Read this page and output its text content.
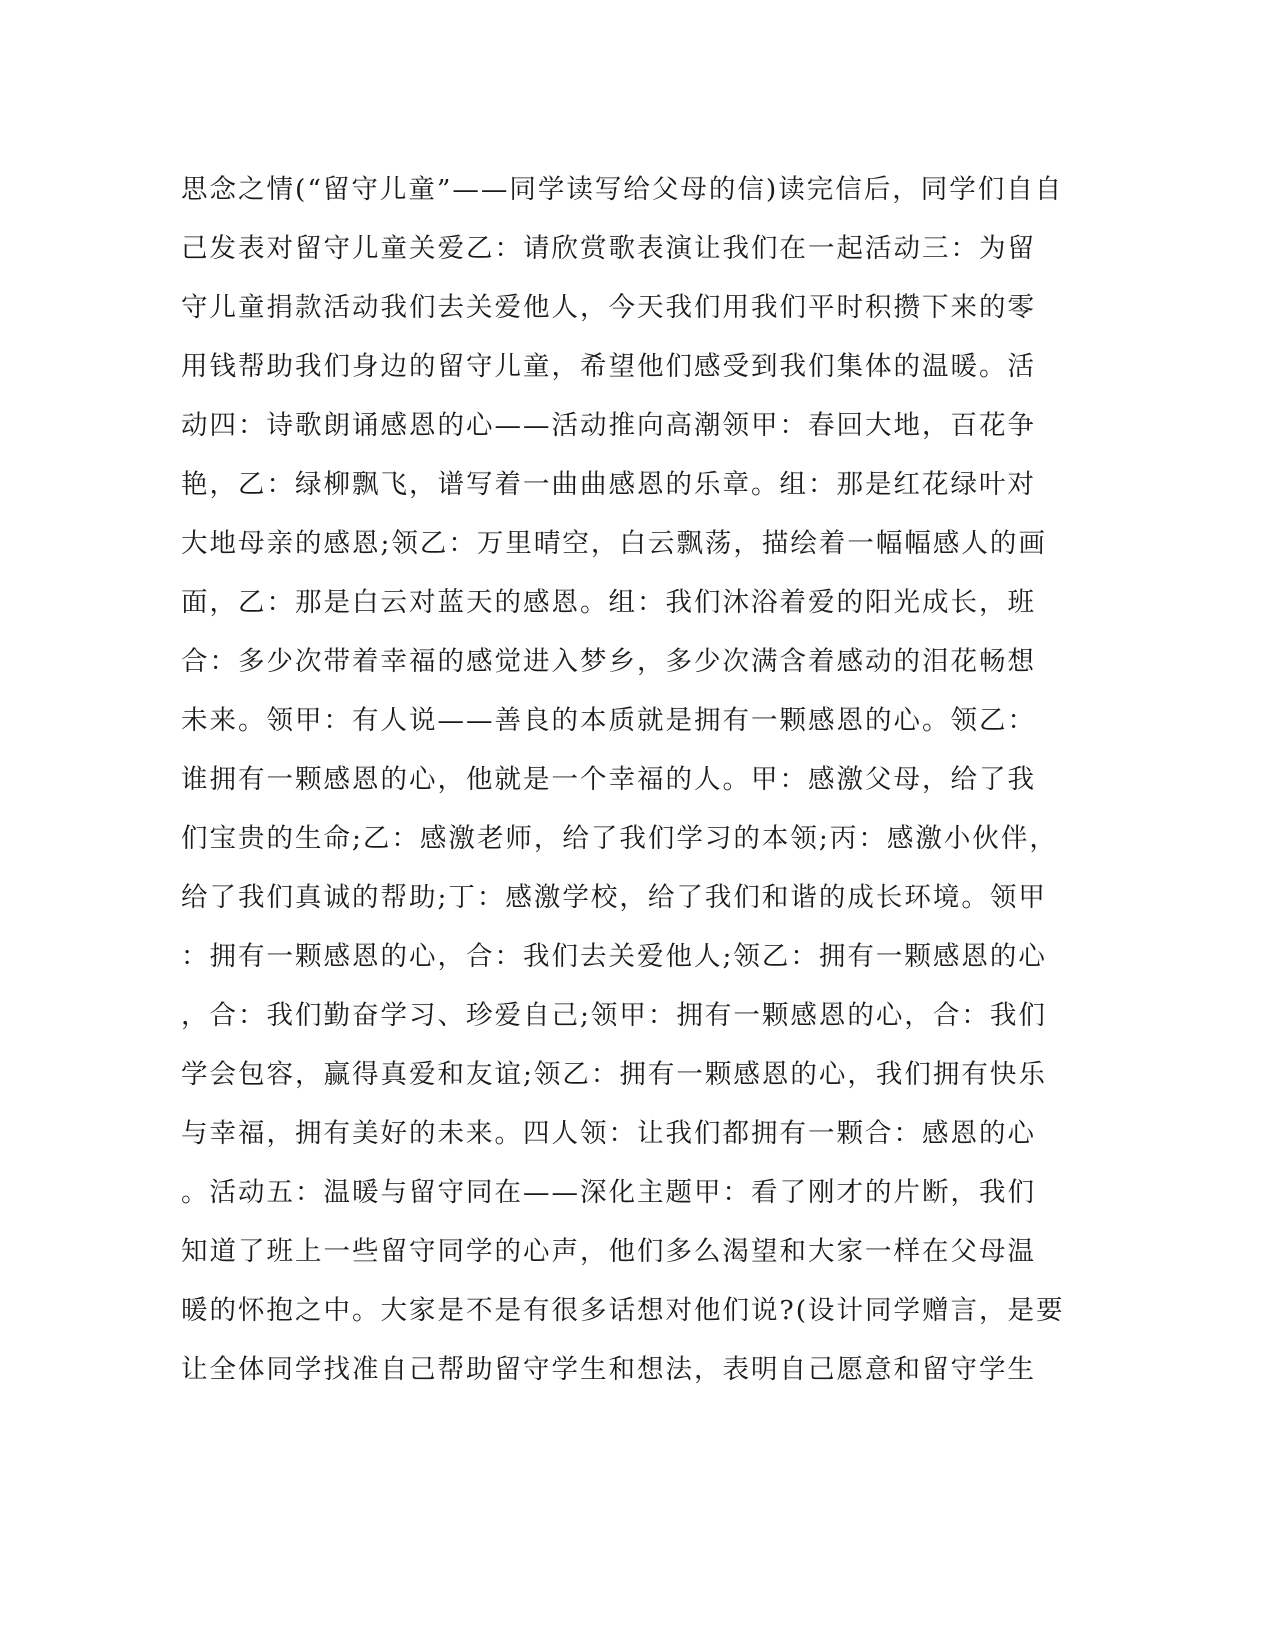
思念之情(“留守儿童”——同学读写给父母的信)读完信后，同学们自自
己发表对留守儿童关爱乙：请欣赏歌表演让我们在一起活动三：为留
守儿童捐款活动我们去关爱他人，今天我们用我们平时积攒下来的零
用钱帮助我们身边的留守儿童，希望他们感受到我们集体的温暖。活
动四：诗歌朗诵感恩的心——活动推向高潮领甲：春回大地，百花争
艳，乙：绿柳飘飞，谱写着一曲曲感恩的乐章。组：那是红花绿叶对
大地母亲的感恩;领乙：万里晴空，白云飘荡，描绘着一幅幅感人的画
面，乙：那是白云对蓝天的感恩。组：我们沐浴着爱的阳光成长，班
合：多少次带着幸福的感觉进入梦乡，多少次满含着感动的泪花畅想
未来。领甲：有人说——善良的本质就是拥有一颗感恩的心。领乙：
谁拥有一颗感恩的心，他就是一个幸福的人。甲：感激父母，给了我
们宝贵的生命;乙：感激老师，给了我们学习的本领;丙：感激小伙伴，
给了我们真诚的帮助;丁：感激学校，给了我们和谐的成长环境。领甲
：拥有一颗感恩的心，合：我们去关爱他人;领乙：拥有一颗感恩的心
，合：我们勤奋学习、珍爱自己;领甲：拥有一颗感恩的心，合：我们
学会包容，赢得真爱和友谊;领乙：拥有一颗感恩的心，我们拥有快乐
与幸福，拥有美好的未来。四人领：让我们都拥有一颗合：感恩的心
。活动五：温暖与留守同在——深化主题甲：看了刚才的片断，我们
知道了班上一些留守同学的心声，他们多么渴望和大家一样在父母温
暖的怀抱之中。大家是不是有很多话想对他们说?(设计同学赠言，是要
让全体同学找准自己帮助留守学生和想法，表明自己愿意和留守学生
